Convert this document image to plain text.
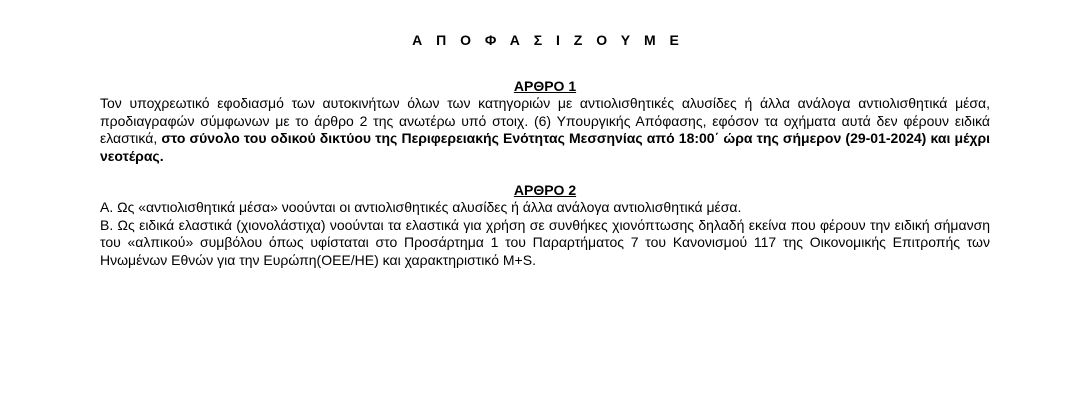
Α Π Ο Φ Α Σ Ι Ζ Ο Υ Μ Ε
ΑΡΘΡΟ 1

Τον υποχρεωτικό εφοδιασμό των αυτοκινήτων όλων των κατηγοριών με αντιολισθητικές αλυσίδες ή άλλα ανάλογα αντιολισθητικά μέσα, προδιαγραφών σύμφωνων με το άρθρο 2 της ανωτέρω υπό στοιχ. (6) Υπουργικής Απόφασης, εφόσον τα οχήματα αυτά δεν φέρουν ειδικά ελαστικά, στο σύνολο του οδικού δικτύου της Περιφερειακής Ενότητας Μεσσηνίας από 18:00΄ ώρα της σήμερον (29-01-2024) και μέχρι νεοτέρας.

ΑΡΘΡΟ 2

Α. Ως «αντιολισθητικά μέσα» νοούνται οι αντιολισθητικές αλυσίδες ή άλλα ανάλογα αντιολισθητικά μέσα.

Β. Ως ειδικά ελαστικά (χιονολάστιχα) νοούνται τα ελαστικά για χρήση σε συνθήκες χιονόπτωσης δηλαδή εκείνα που φέρουν την ειδική σήμανση του «αλπικού» συμβόλου όπως υφίσταται στο Προσάρτημα 1 του Παραρτήματος 7 του Κανονισμού 117 της Οικονομικής Επιτροπής των Ηνωμένων Εθνών για την Ευρώπη(ΟΕΕ/ΗΕ) και χαρακτηριστικό M+S.
